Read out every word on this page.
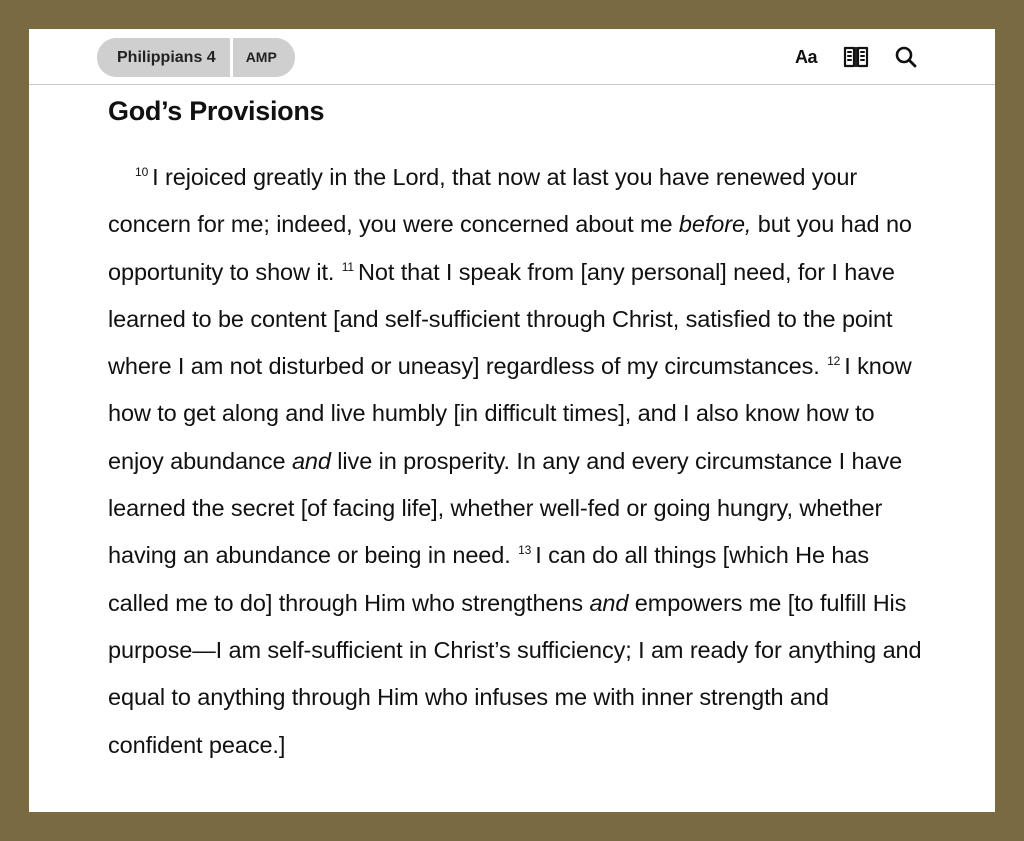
Philippians 4	AMP	Aa
God’s Provisions

$^{10}$ I rejoiced greatly in the Lord, that now at last you have renewed your concern for me; indeed, you were concerned about me before, but you had no opportunity to show it. $^{11}$ Not that I speak from [any personal] need, for I have learned to be content [and self-sufficient through Christ, satisfied to the point where I am not disturbed or uneasy] regardless of my circumstances. $^{12}$ I know how to get along and live humbly [in difficult times], and I also know how to enjoy abundance and live in prosperity. In any and every circumstance I have learned the secret [of facing life], whether well-fed or going hungry, whether having an abundance or being in need. $^{13}$ I can do all things [which He has called me to do] through Him who strengthens and empowers me [to fulfill His purpose—I am self-sufficient in Christ’s sufficiency; I am ready for anything and equal to anything through Him who infuses me with inner strength and confident peace.]
